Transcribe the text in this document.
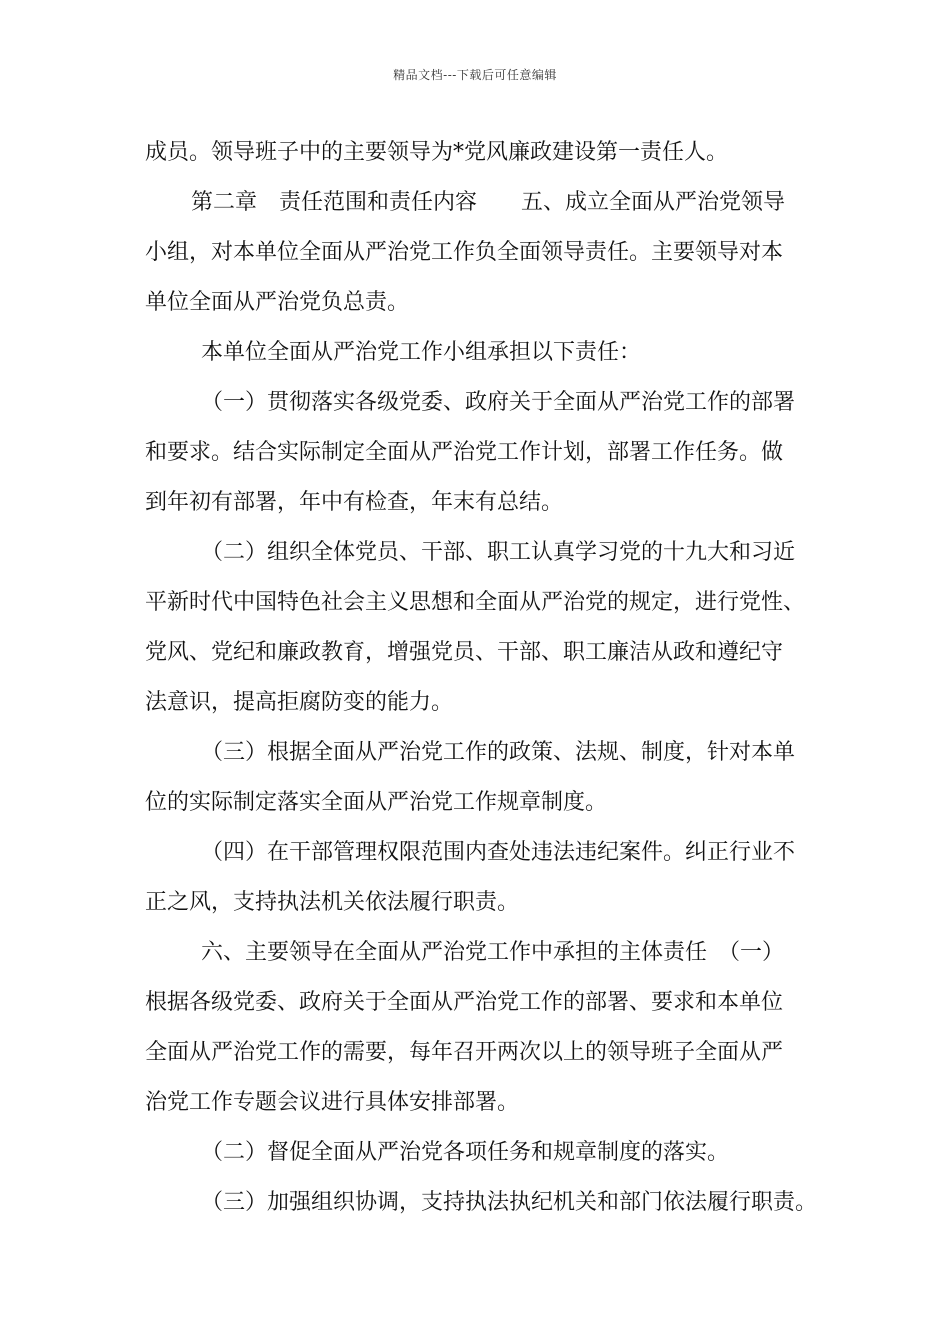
精品文档---下载后可任意编辑
成员。领导班子中的主要领导为*党风廉政建设第一责任人。
第二章　责任范围和责任内容　　五、成立全面从严治党领导
小组，对本单位全面从严治党工作负全面领导责任。主要领导对本
单位全面从严治党负总责。
本单位全面从严治党工作小组承担以下责任：
（一）贯彻落实各级党委、政府关于全面从严治党工作的部署
和要求。结合实际制定全面从严治党工作计划，部署工作任务。做
到年初有部署，年中有检查，年末有总结。
（二）组织全体党员、干部、职工认真学习党的十九大和习近
平新时代中国特色社会主义思想和全面从严治党的规定，进行党性、
党风、党纪和廉政教育，增强党员、干部、职工廉洁从政和遵纪守
法意识，提高拒腐防变的能力。
（三）根据全面从严治党工作的政策、法规、制度，针对本单
位的实际制定落实全面从严治党工作规章制度。
（四）在干部管理权限范围内查处违法违纪案件。纠正行业不
正之风，支持执法机关依法履行职责。
六、主要领导在全面从严治党工作中承担的主体责任　（一）
根据各级党委、政府关于全面从严治党工作的部署、要求和本单位
全面从严治党工作的需要，每年召开两次以上的领导班子全面从严
治党工作专题会议进行具体安排部署。
（二）督促全面从严治党各项任务和规章制度的落实。
（三）加强组织协调，支持执法执纪机关和部门依法履行职责。
